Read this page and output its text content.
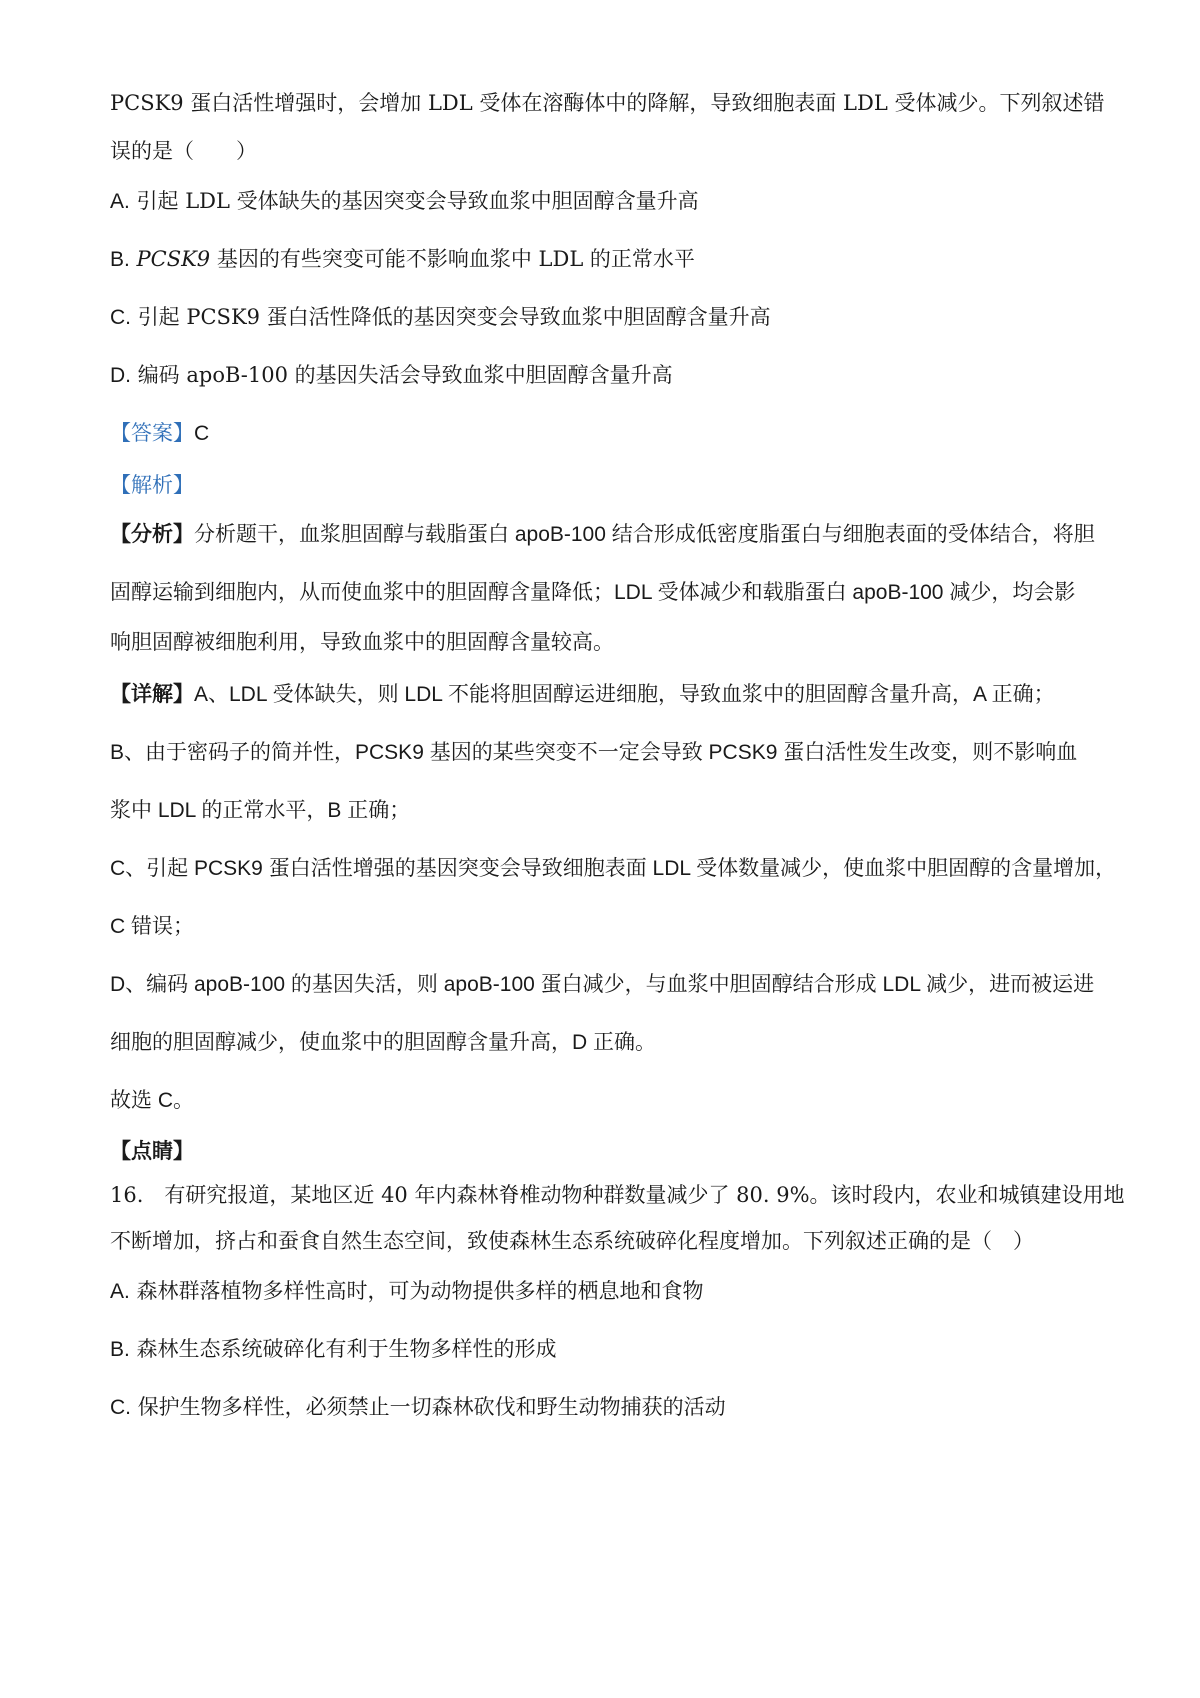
PCSK9 蛋白活性增强时，会增加 LDL 受体在溶酶体中的降解，导致细胞表面 LDL 受体减少。下列叙述错
误的是（　　）
A. 引起 LDL 受体缺失的基因突变会导致血浆中胆固醇含量升高
B. PCSK9 基因的有些突变可能不影响血浆中 LDL 的正常水平
C. 引起 PCSK9 蛋白活性降低的基因突变会导致血浆中胆固醇含量升高
D. 编码 apoB-100 的基因失活会导致血浆中胆固醇含量升高
【答案】C
【解析】
【分析】分析题干，血浆胆固醇与载脂蛋白 apoB-100 结合形成低密度脂蛋白与细胞表面的受体结合，将胆
固醇运输到细胞内，从而使血浆中的胆固醇含量降低；LDL 受体减少和载脂蛋白 apoB-100 减少，均会影
响胆固醇被细胞利用，导致血浆中的胆固醇含量较高。
【详解】A、LDL 受体缺失，则 LDL 不能将胆固醇运进细胞，导致血浆中的胆固醇含量升高，A 正确；
B、由于密码子的简并性，PCSK9 基因的某些突变不一定会导致 PCSK9 蛋白活性发生改变，则不影响血
浆中 LDL 的正常水平，B 正确；
C、引起 PCSK9 蛋白活性增强的基因突变会导致细胞表面 LDL 受体数量减少，使血浆中胆固醇的含量增加，
C 错误；
D、编码 apoB-100 的基因失活，则 apoB-100 蛋白减少，与血浆中胆固醇结合形成 LDL 减少，进而被运进
细胞的胆固醇减少，使血浆中的胆固醇含量升高，D 正确。
故选 C。
【点睛】
16.　有研究报道，某地区近 40 年内森林脊椎动物种群数量减少了 80. 9%。该时段内，农业和城镇建设用地
不断增加，挤占和蚕食自然生态空间，致使森林生态系统破碎化程度增加。下列叙述正确的是（　）
A. 森林群落植物多样性高时，可为动物提供多样的栖息地和食物
B. 森林生态系统破碎化有利于生物多样性的形成
C. 保护生物多样性，必须禁止一切森林砍伐和野生动物捕获的活动
